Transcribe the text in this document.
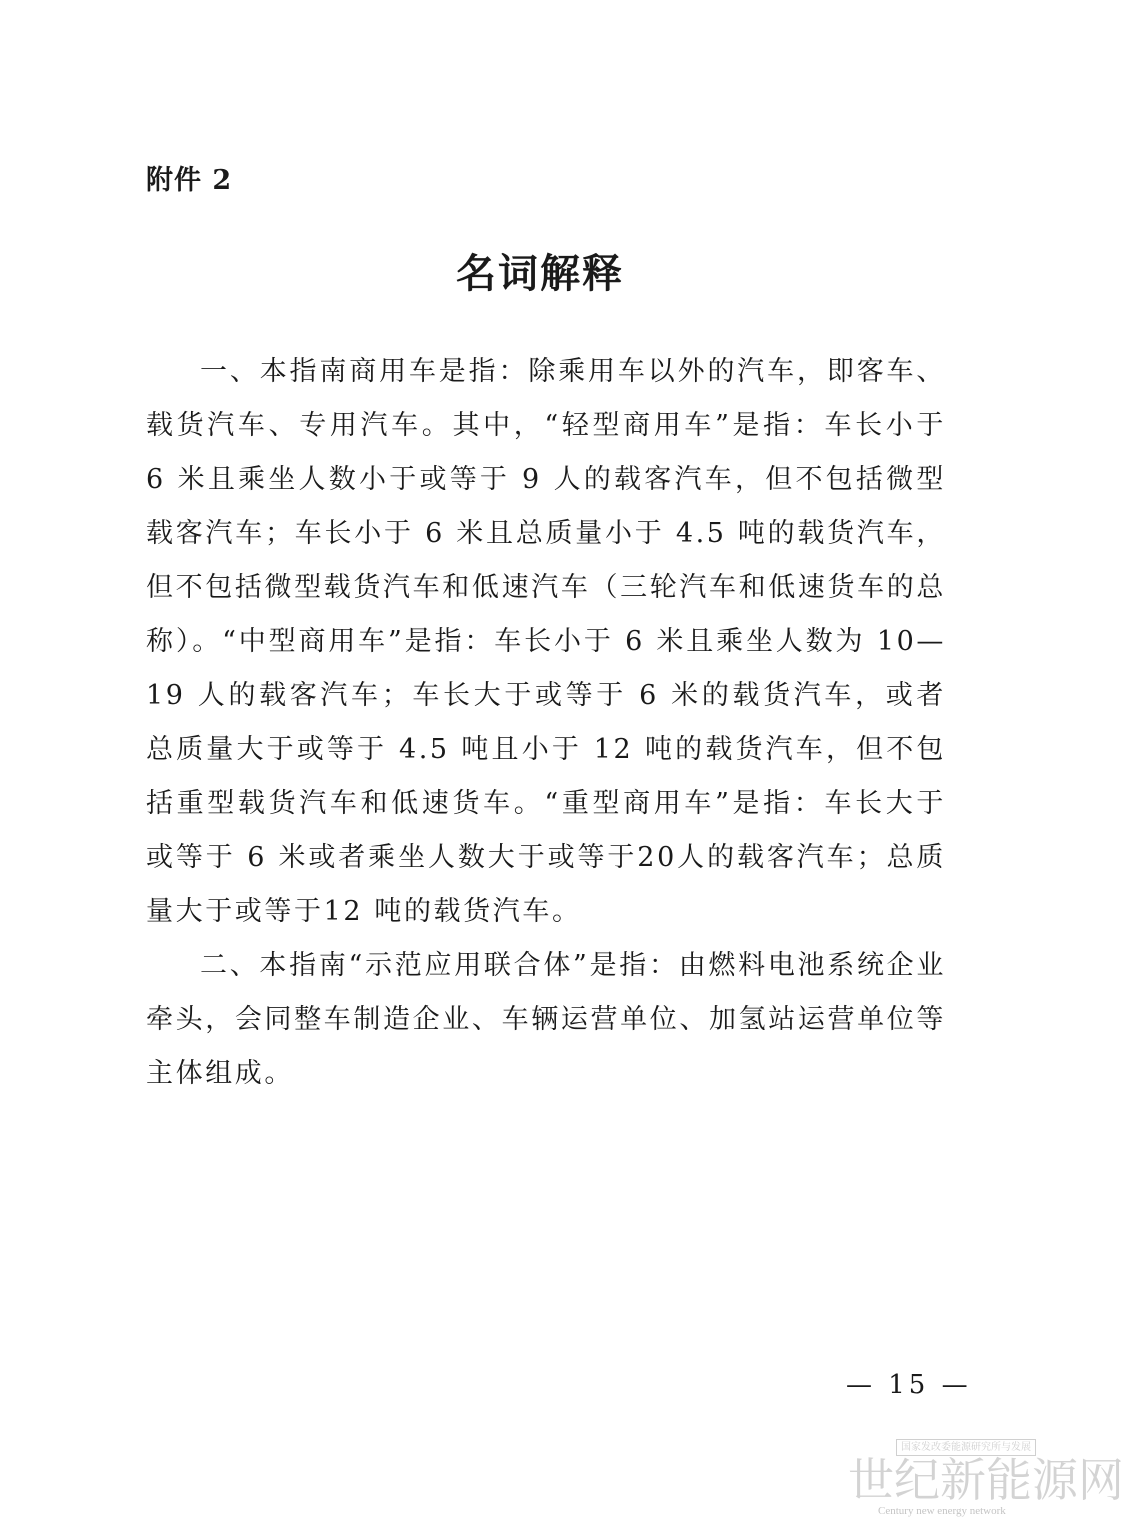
附件 2
名词解释

一、本指南商用车是指：除乘用车以外的汽车，即客车、载货汽车、专用汽车。其中，“轻型商用车”是指：车长小于 6 米且乘坐人数小于或等于 9 人的载客汽车，但不包括微型载客汽车；车长小于 6 米且总质量小于 4.5 吨的载货汽车，但不包括微型载货汽车和低速汽车（三轮汽车和低速货车的总称）。“中型商用车”是指：车长小于 6 米且乘坐人数为 10—19 人的载客汽车；车长大于或等于 6 米的载货汽车，或者总质量大于或等于 4.5 吨且小于 12 吨的载货汽车，但不包括重型载货汽车和低速货车。“重型商用车”是指：车长大于或等于 6 米或者乘坐人数大于或等于20人的载客汽车；总质量大于或等于12 吨的载货汽车。

二、本指南“示范应用联合体”是指：由燃料电池系统企业牵头，会同整车制造企业、车辆运营单位、加氢站运营单位等主体组成。

— 15 —
国家发改委能源研究所与发展
世纪新能源网
Century new energy network
